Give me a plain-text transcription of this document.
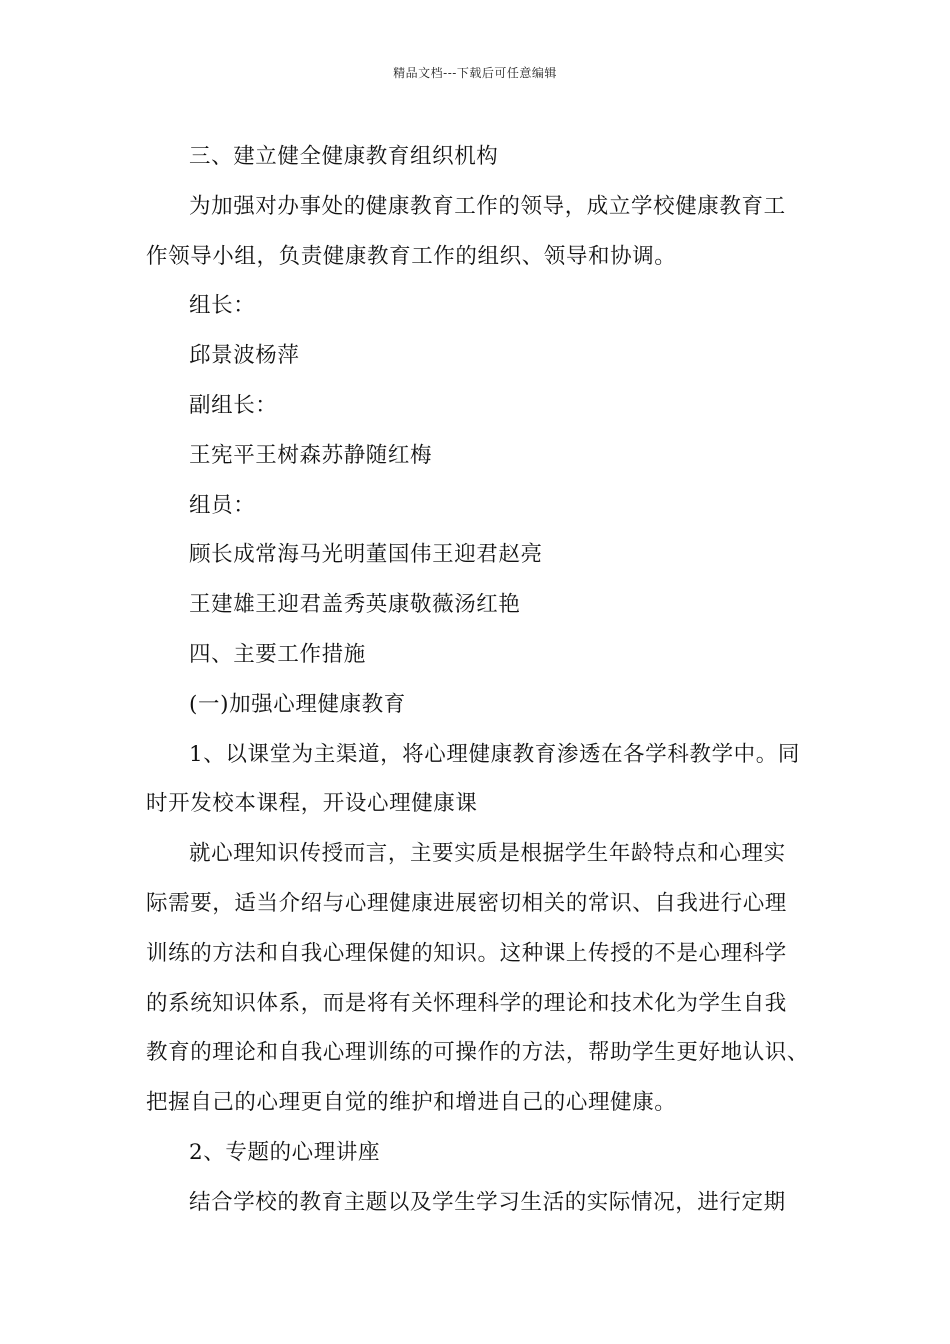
精品文档---下载后可任意编辑
三、建立健全健康教育组织机构
为加强对办事处的健康教育工作的领导，成立学校健康教育工
作领导小组，负责健康教育工作的组织、领导和协调。
组长：
邱景波杨萍
副组长：
王宪平王树森苏静随红梅
组员：
顾长成常海马光明董国伟王迎君赵亮
王建雄王迎君盖秀英康敬薇汤红艳
四、主要工作措施
(一)加强心理健康教育
1、以课堂为主渠道，将心理健康教育渗透在各学科教学中。同
时开发校本课程，开设心理健康课
就心理知识传授而言，主要实质是根据学生年龄特点和心理实
际需要，适当介绍与心理健康进展密切相关的常识、自我进行心理
训练的方法和自我心理保健的知识。这种课上传授的不是心理科学
的系统知识体系，而是将有关怀理科学的理论和技术化为学生自我
教育的理论和自我心理训练的可操作的方法，帮助学生更好地认识、
把握自己的心理更自觉的维护和增进自己的心理健康。
2、专题的心理讲座
结合学校的教育主题以及学生学习生活的实际情况，进行定期
